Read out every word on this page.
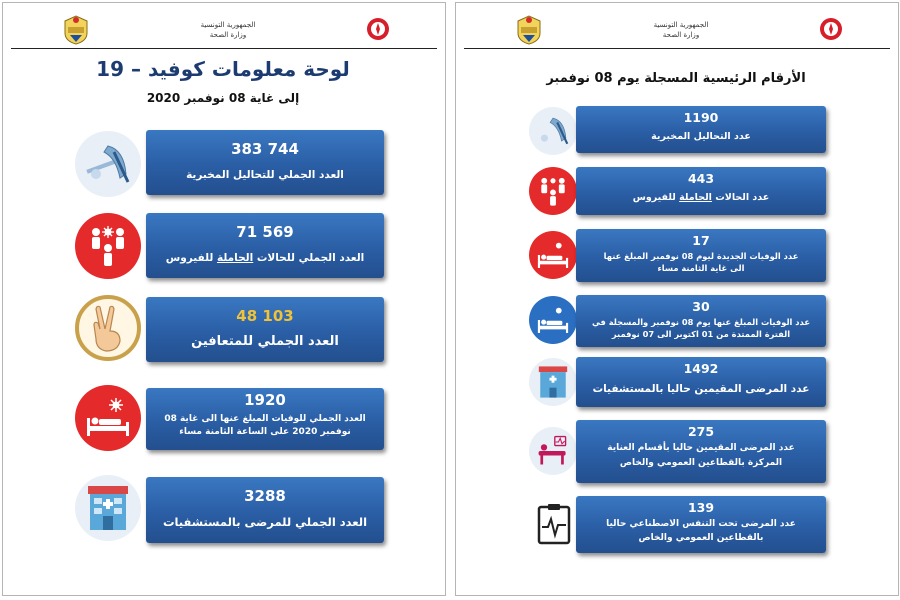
الجمهورية التونسية
وزارة الصحة
لوحة معلومات كوفيد – 19
إلى غاية 08 نوفمبر 2020
383 744
العدد الجملي للتحاليل المخبرية
71 569
العدد الجملي للحالات الحاملة للفيروس
48 103
العدد الجملي للمتعافين
1920
العدد الجملي للوفيات المبلغ عنها الى غاية 08
نوفمبر 2020 على الساعة الثامنة مساء
3288
العدد الجملي للمرضى بالمستشفيات
الجمهورية التونسية
وزارة الصحة
الأرقام الرئيسية المسجلة يوم 08 نوفمبر
1190
عدد التحاليل المخبرية
443
عدد الحالات الحاملة للفيروس
17
عدد الوفيات الجديدة ليوم 08 نوفمبر المبلغ عنها
الى غاية الثامنة مساء
30
عدد الوفيات المبلغ عنها يوم 08 نوفمبر والمسجلة في
الفترة الممتدة من 01 اكتوبر الى 07 نوفمبر
1492
عدد المرضى المقيمين حاليا بالمستشفيات
275
عدد المرضى المقيمين حاليا بأقسام العناية
المركزة بالقطاعين العمومي والخاص
139
عدد المرضى تحت التنفس الاصطناعي حاليا
بالقطاعين العمومي والخاص
